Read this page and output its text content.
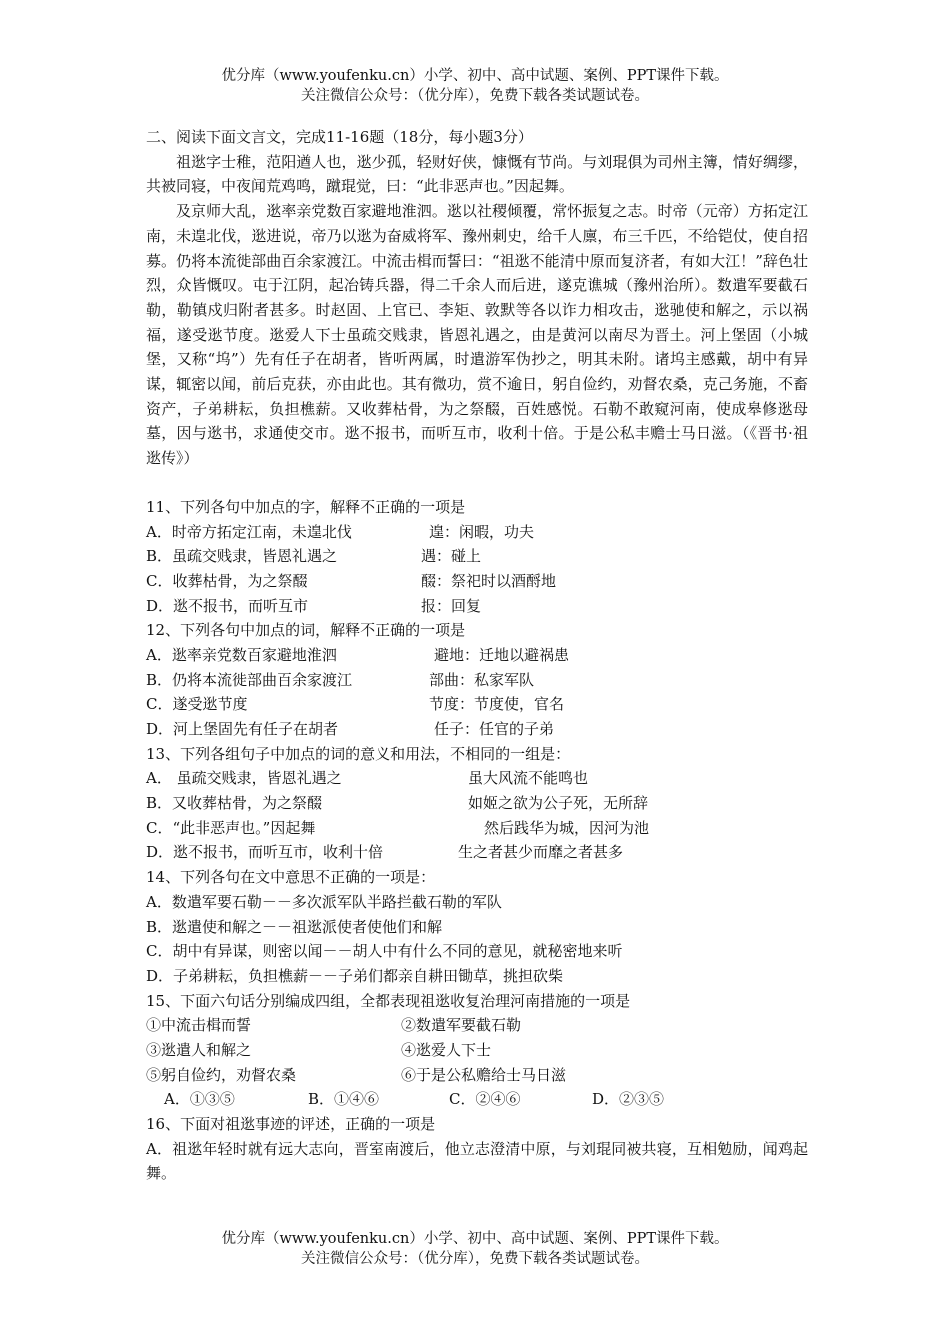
优分库（www.youfenku.cn）小学、初中、高中试题、案例、PPT课件下载。
关注微信公众号：（优分库），免费下载各类试题试卷。
二、阅读下面文言文，完成11-16题（18分，每小题3分）
祖逖字士稚，范阳遒人也，逖少孤，轻财好侠，慷慨有节尚。与刘琨俱为司州主簿，情好绸缪，共被同寝，中夜闻荒鸡鸣，蹴琨觉，曰：“此非恶声也。”因起舞。
及京师大乱，逖率亲党数百家避地淮泗。逖以社稷倾覆，常怀振复之志。时帝（元帝）方拓定江南，未遑北伐，逖进说，帝乃以逖为奋威将军、豫州刺史，给千人廪，布三千匹，不给铠仗，使自招募。仍将本流徙部曲百余家渡江。中流击楫而誓曰：“祖逖不能清中原而复济者，有如大江！”辞色壮烈，众皆慨叹。屯于江阴，起冶铸兵器，得二千余人而后进，遂克谯城（豫州治所）。数遣军要截石勒，勒镇戍归附者甚多。时赵固、上官已、李矩、敦默等各以诈力相攻击，逖驰使和解之，示以祸福，遂受逖节度。逖爱人下士虽疏交贱隶，皆恩礼遇之，由是黄河以南尽为晋土。河上堡固（小城堡，又称“坞”）先有任子在胡者，皆听两属，时遣游军伪抄之，明其未附。诸坞主感戴，胡中有异谋，辄密以闻，前后克获，亦由此也。其有微功，赏不逾日，躬自俭约，劝督农桑，克己务施，不畜资产，子弟耕耘，负担樵薪。又收葬枯骨，为之祭醊，百姓感悦。石勒不敢窥河南，使成皋修逖母墓，因与逖书，求通使交市。逖不报书，而听互市，收利十倍。于是公私丰赡士马日滋。（《晋书·祖逖传》）
11、下列各句中加点的字，解释不正确的一项是
A．时帝方拓定江南，未遑北伐	遑：闲暇，功夫
B．虽疏交贱隶，皆恩礼遇之	遇：碰上
C．收葬枯骨，为之祭醊	醊：祭祀时以酒酹地
D．逖不报书，而听互市	报：回复
12、下列各句中加点的词，解释不正确的一项是
A．逖率亲党数百家避地淮泗	避地：迁地以避祸患
B．仍将本流徙部曲百余家渡江	部曲：私家军队
C．遂受逖节度	节度：节度使，官名
D．河上堡固先有任子在胡者	任子：任官的子弟
13、下列各组句子中加点的词的意义和用法，不相同的一组是：
A． 虽疏交贱隶，皆恩礼遇之	虽大风流不能鸣也
B．又收葬枯骨，为之祭醊	如姬之欲为公子死，无所辞
C．“此非恶声也。”因起舞	然后践华为城，因河为池
D．逖不报书，而听互市，收利十倍	生之者甚少而靡之者甚多
14、下列各句在文中意思不正确的一项是：
A．数遣军要石勒－－多次派军队半路拦截石勒的军队
B．逖遣使和解之－－祖逖派使者使他们和解
C．胡中有异谋，则密以闻－－胡人中有什么不同的意见，就秘密地来听
D．子弟耕耘，负担樵薪－－子弟们都亲自耕田锄草，挑担砍柴
15、下面六句话分别编成四组，全都表现祖逖收复治理河南措施的一项是
①中流击楫而誓	②数遣军要截石勒
③逖遣人和解之	④逖爱人下士
⑤躬自俭约，劝督农桑	⑥于是公私赡给士马日滋
A．①③⑤	B．①④⑥	C．②④⑥	D．②③⑤
16、下面对祖逖事迹的评述，正确的一项是
A．祖逖年轻时就有远大志向，晋室南渡后，他立志澄清中原，与刘琨同被共寝，互相勉励，闻鸡起舞。
优分库（www.youfenku.cn）小学、初中、高中试题、案例、PPT课件下载。
关注微信公众号：（优分库），免费下载各类试题试卷。
